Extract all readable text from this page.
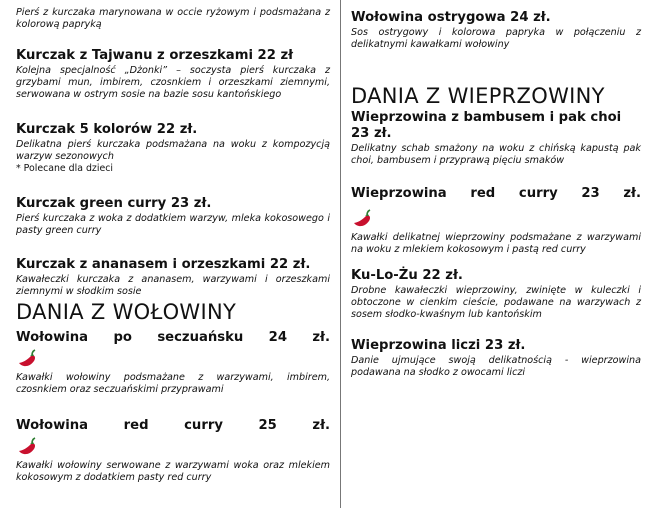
Pierś z kurczaka marynowana w occie ryżowym i podsmażana z kolorową papryką

Kurczak z Tajwanu z orzeszkami 22 zł

Kolejna specjalność „Dżonki” – soczysta pierś kurczaka z grzybami mun, imbirem, czosnkiem i orzeszkami ziemnymi, serwowana w ostrym sosie na bazie sosu kantońskiego

Kurczak 5 kolorów 22 zł.

Delikatna pierś kurczaka podsmażana na woku z kompozycją warzyw sezonowych

* Polecane dla dzieci

Kurczak green curry 23 zł.

Pierś kurczaka z woka z dodatkiem warzyw, mleka kokosowego i pasty green curry

Kurczak z ananasem i orzeszkami 22 zł.

Kawałeczki kurczaka z ananasem, warzywami i orzeszkami ziemnymi w słodkim sosie

DANIA Z WOŁOWINY

Wołowina po seczuańsku 24 zł.

Kawałki wołowiny podsmażane z warzywami, imbirem, czosnkiem oraz seczuańskimi przyprawami

Wołowina	red	curry	25	zł.

Kawałki wołowiny serwowane z warzywami woka oraz mlekiem kokosowym z dodatkiem pasty red curry

Wołowina ostrygowa 24 zł.

Sos ostrygowy i kolorowa papryka w połączeniu z delikatnymi kawałkami wołowiny

DANIA Z WIEPRZOWINY

Wieprzowina z bambusem i pak choi

23 zł.

Delikatny schab smażony na woku z chińską kapustą pak choi, bambusem i przyprawą pięciu smaków

Wieprzowina red curry 23 zł.

Kawałki delikatnej wieprzowiny podsmażane z warzywami na woku z mlekiem kokosowym i pastą red curry

Ku-Lo-Żu 22 zł.

Drobne kawałeczki wieprzowiny, zwinięte w kuleczki i obtoczone w cienkim cieście, podawane na warzywach z sosem słodko-kwaśnym lub kantońskim

Wieprzowina liczi 23 zł.

Danie ujmujące swoją delikatnością - wieprzowina podawana na słodko z owocami liczi
